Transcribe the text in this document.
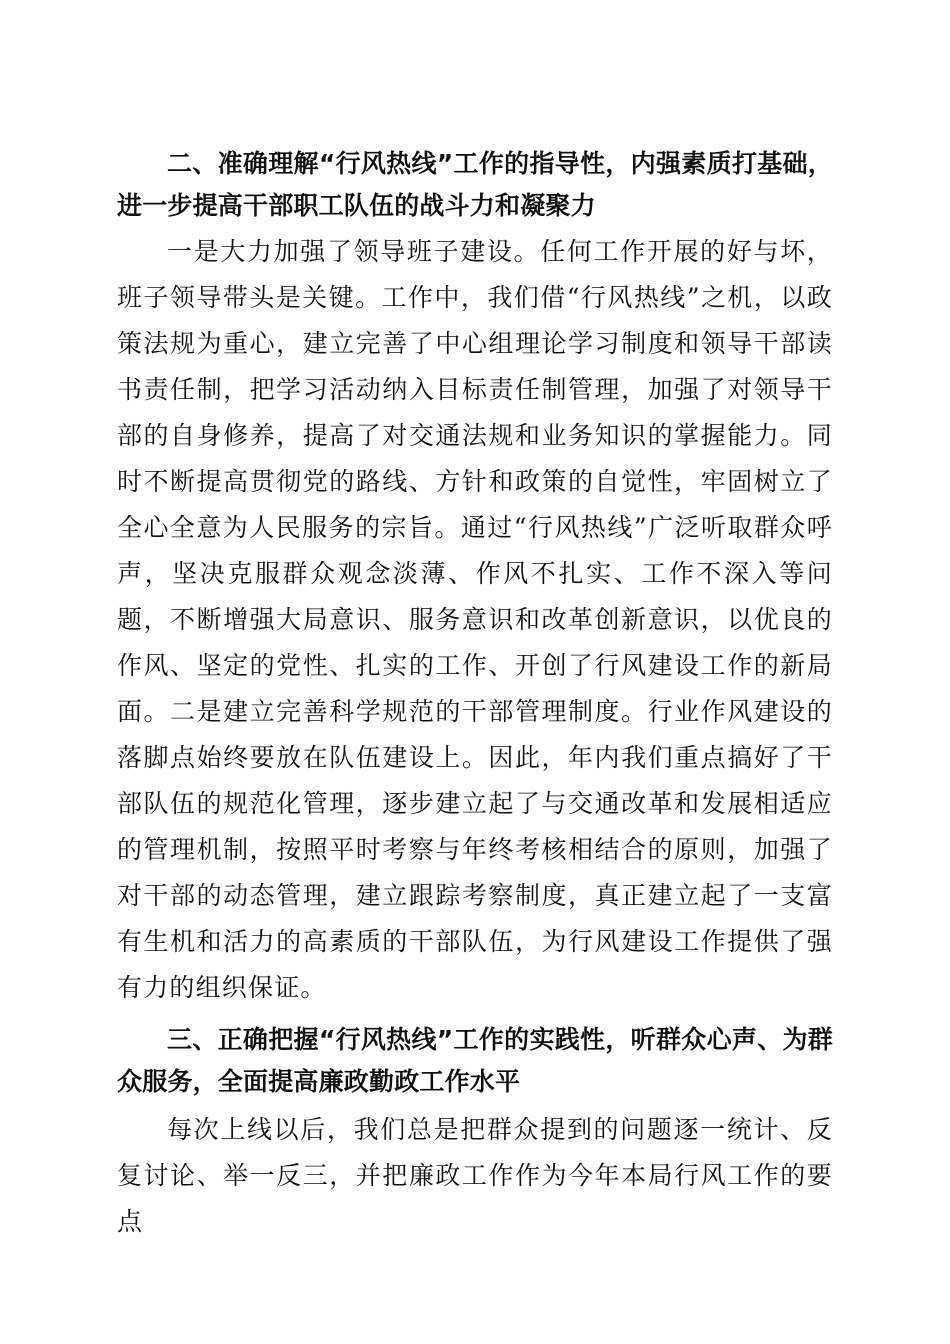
二、准确理解“行风热线”工作的指导性，内强素质打基础，进一步提高干部职工队伍的战斗力和凝聚力

一是大力加强了领导班子建设。任何工作开展的好与坏，班子领导带头是关键。工作中，我们借“行风热线”之机，以政策法规为重心，建立完善了中心组理论学习制度和领导干部读书责任制，把学习活动纳入目标责任制管理，加强了对领导干部的自身修养，提高了对交通法规和业务知识的掌握能力。同时不断提高贯彻党的路线、方针和政策的自觉性，牢固树立了全心全意为人民服务的宗旨。通过“行风热线”广泛听取群众呼声，坚决克服群众观念淡薄、作风不扎实、工作不深入等问题，不断增强大局意识、服务意识和改革创新意识，以优良的作风、坚定的党性、扎实的工作、开创了行风建设工作的新局面。二是建立完善科学规范的干部管理制度。行业作风建设的落脚点始终要放在队伍建设上。因此，年内我们重点搞好了干部队伍的规范化管理，逐步建立起了与交通改革和发展相适应的管理机制，按照平时考察与年终考核相结合的原则，加强了对干部的动态管理，建立跟踪考察制度，真正建立起了一支富有生机和活力的高素质的干部队伍，为行风建设工作提供了强有力的组织保证。

三、正确把握“行风热线”工作的实践性，听群众心声、为群众服务，全面提高廉政勤政工作水平

每次上线以后，我们总是把群众提到的问题逐一统计、反复讨论、举一反三，并把廉政工作作为今年本局行风工作的要点
